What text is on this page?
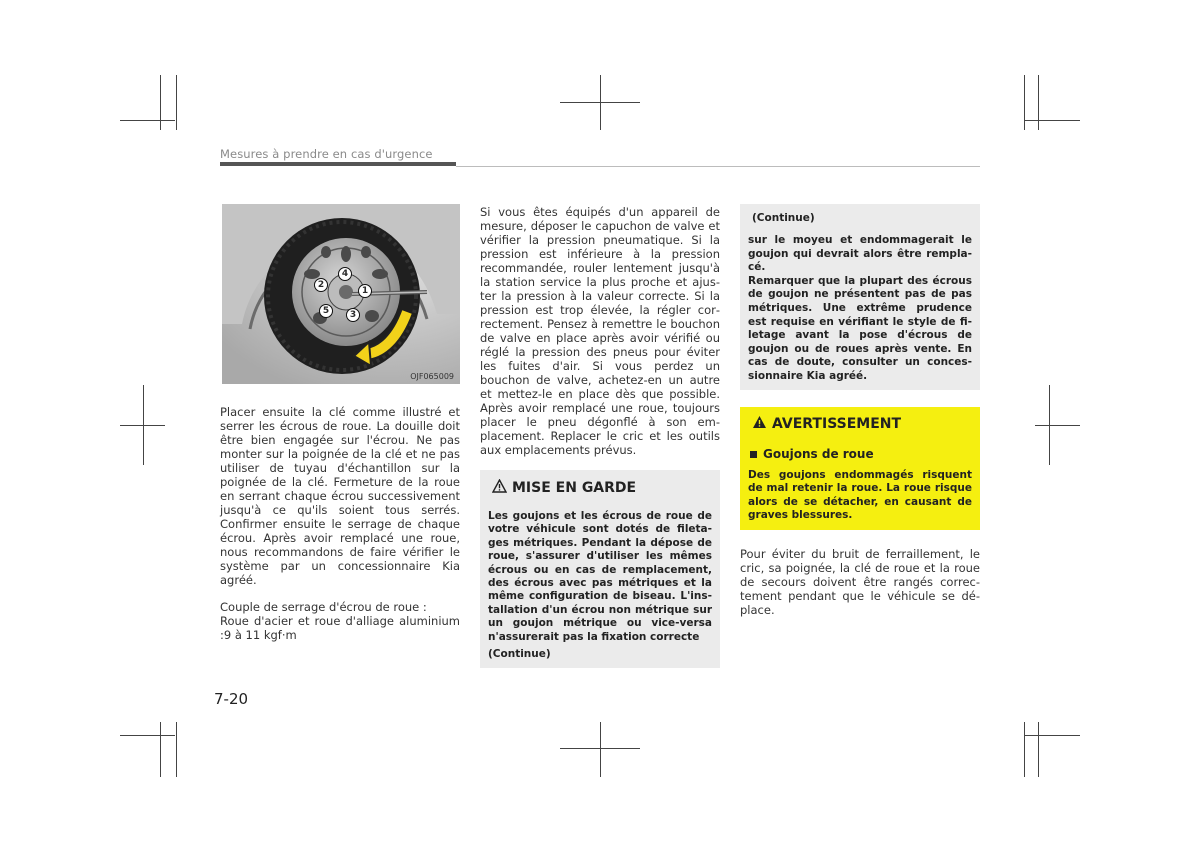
Mesures à prendre en cas d'urgence
1
2
3
4
5
OJF065009
Placer ensuite la clé comme illustré et serrer les écrous de roue. La douille doit être bien engagée sur l'écrou. Ne pas monter sur la poignée de la clé et ne pas utiliser de tuyau d'échantillon sur la poignée de la clé. Fermeture de la roue en serrant chaque écrou successivement jusqu'à ce qu'ils soient tous serrés. Confirmer ensuite le serrage de chaque écrou. Après avoir remplacé une roue, nous recommandons de faire vérifier le système par un concessionnaire Kia agréé.

Couple de serrage d'écrou de roue :

Roue d'acier et roue d'alliage aluminium :9 à 11 kgf·m

Si vous êtes équipés d'un appareil de mesure, déposer le capuchon de valve et vérifier la pression pneumatique. Si la pression est inférieure à la pression recommandée, rouler lentement jusqu'à la station service la plus proche et ajuster la pression à la valeur correcte. Si la pression est trop élevée, la régler correctement. Pensez à remettre le bouchon de valve en place après avoir vérifié ou réglé la pression des pneus pour éviter les fuites d'air. Si vous perdez un bouchon de valve, achetez-en un autre et mettez-le en place dès que possible. Après avoir remplacé une roue, toujours placer le pneu dégonflé à son emplacement. Replacer le cric et les outils aux emplacements prévus.
MISE EN GARDE
Les goujons et les écrous de roue de votre véhicule sont dotés de filetages métriques. Pendant la dépose de roue, s'assurer d'utiliser les mêmes écrous ou en cas de remplacement, des écrous avec pas métriques et la même configuration de biseau. L'installation d'un écrou non métrique sur un goujon métrique ou vice-versa n'assurerait pas la fixation correcte
(Continue)
(Continue)

sur le moyeu et endommagerait le goujon qui devrait alors être remplacé.

Remarquer que la plupart des écrous de goujon ne présentent pas de pas métriques. Une extrême prudence est requise en vérifiant le style de filetage avant la pose d'écrous de goujon ou de roues après vente. En cas de doute, consulter un concessionnaire Kia agréé.

AVERTISSEMENT
Goujons de roue
Des goujons endommagés risquent de mal retenir la roue. La roue risque alors de se détacher, en causant de graves blessures.
Pour éviter du bruit de ferraillement, le cric, sa poignée, la clé de roue et la roue de secours doivent être rangés correctement pendant que le véhicule se déplace.
7-20
